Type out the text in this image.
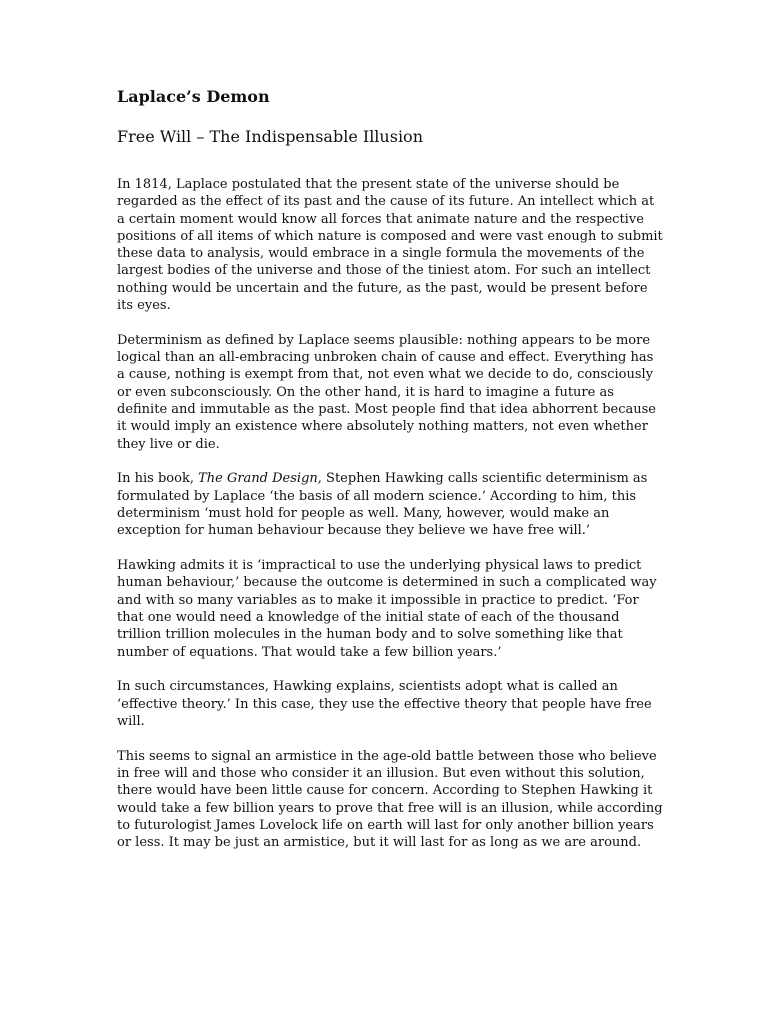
Laplace’s Demon
Free Will – The Indispensable Illusion

In 1814, Laplace postulated that the present state of the universe should be regarded as the effect of its past and the cause of its future. An intellect which at a certain moment would know all forces that animate nature and the respective positions of all items of which nature is composed and were vast enough to submit these data to analysis, would embrace in a single formula the movements of the largest bodies of the universe and those of the tiniest atom. For such an intellect nothing would be uncertain and the future, as the past, would be present before its eyes.

Determinism as defined by Laplace seems plausible: nothing appears to be more logical than an all-embracing unbroken chain of cause and effect. Everything has a cause, nothing is exempt from that, not even what we decide to do, consciously or even subconsciously. On the other hand, it is hard to imagine a future as definite and immutable as the past. Most people find that idea abhorrent because it would imply an existence where absolutely nothing matters, not even whether they live or die.

In his book, The Grand Design, Stephen Hawking calls scientific determinism as formulated by Laplace ‘the basis of all modern science.’ According to him, this determinism ‘must hold for people as well. Many, however, would make an exception for human behaviour because they believe we have free will.’

Hawking admits it is ‘impractical to use the underlying physical laws to predict human behaviour,’ because the outcome is determined in such a complicated way and with so many variables as to make it impossible in practice to predict. ‘For that one would need a knowledge of the initial state of each of the thousand trillion trillion molecules in the human body and to solve something like that number of equations. That would take a few billion years.’

In such circumstances, Hawking explains, scientists adopt what is called an ‘effective theory.’ In this case, they use the effective theory that people have free will.

This seems to signal an armistice in the age-old battle between those who believe in free will and those who consider it an illusion. But even without this solution, there would have been little cause for concern. According to Stephen Hawking it would take a few billion years to prove that free will is an illusion, while according to futurologist James Lovelock life on earth will last for only another billion years or less. It may be just an armistice, but it will last for as long as we are around.
